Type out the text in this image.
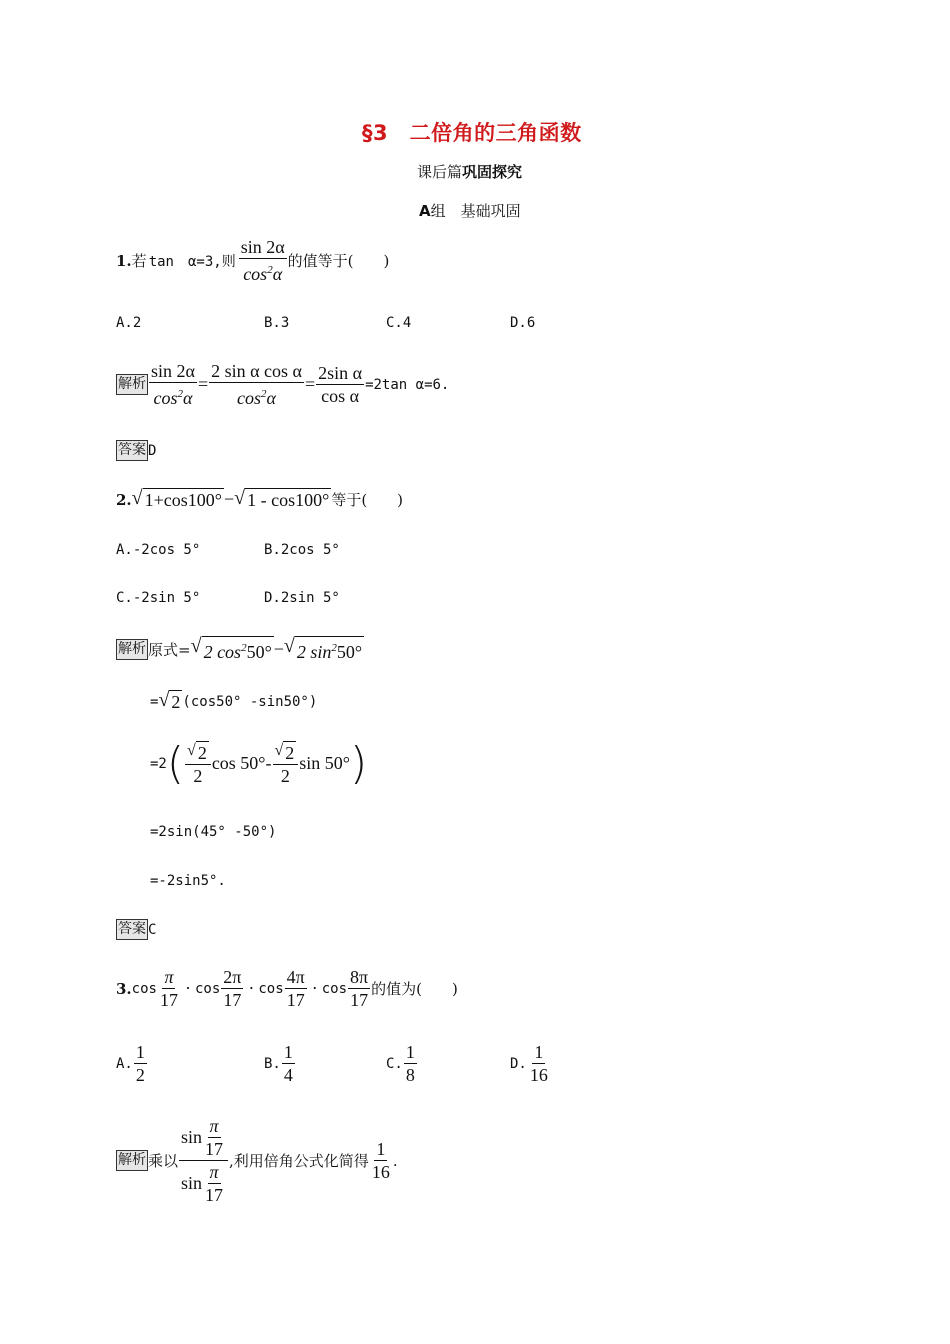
§3　二倍角的三角函数
课后篇巩固探究
A组　基础巩固
1. 若 tan　α=3,则 $\frac{\sin 2\alpha}{\cos^2\alpha}$ 的值等于(　　)
A.2	B.3	C.4	D.6
解析 $\frac{\sin 2\alpha}{\cos^2\alpha} = \frac{\text{2 sin α cos α}}{\cos^2\alpha} = \frac{\text{2sin α}}{\text{cos α}} =2\tan$ α=6.
答案 D
2. √ 1+cos100° − √ 1 - cos100° 等于(　　)
A.-2cos 5°	B.2cos 5°
C.-2sin 5°	D.2sin 5°
解析 原式= √ 2 $\cos^250^\circ$ − √ 2 $\sin^250^\circ$
= √ 2 (cos50° -sin50°)
=2 ( $\frac{√ 2}{2}$ $\cos 50^\circ - \frac{√ 2}{2}$ sin 50° )
=2sin(45° -50°)
=-2sin5°.
答案 C
3. $\cos \frac{\pi}{17} \cdot \cos \frac{2\pi}{17} \cdot \cos \frac{4\pi}{17} \cdot \cos \frac{8\pi}{17}$ 的值为(　　)
A. $\frac{1}{2}$	B. $\frac{1}{4}$	C. $\frac{1}{8}$	D. $\frac{1}{16}$
解析 乘以 $\frac{\sin \frac{\pi}{17}}{\sin \frac{\pi}{17}}$ ,利用倍角公式化简得 $\frac{1}{16}$ .
